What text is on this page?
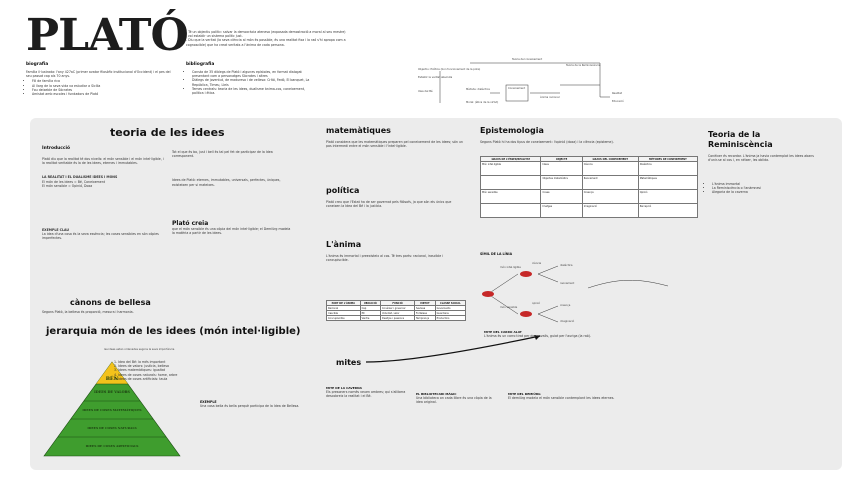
PLATÓ
- Té un objectiu polític: salvar la democràcia atenesa (exposada demostració a moral al seu mestre) i vol establir un sistema polític just.
- Diu que la veritat (la seva ciència al món és possible, és una realitat fixa i la raó s'hi apropa com a cognoscible) que ha creat veritats a l'ànima de cada persona.
biografia
Família il·lustrada: l'any 427aC (primer avatar filosòfic institucional d'Occident) i el pes del seu passat cap als 70 anys.
• Fill de família rica
• Al llarg de la seva vida va estudiar a Sicília
• Fou deixeble de Sòcrates
• Amistat amb escoles i fundadors de Plató
bibliografia
• Consta de 35 diàlegs de Plató i algunes epístoles, en format dialogat presentant com a personatges Sòcrates i altres
• Diàlegs de joventut, de maduresa i de vellesa: Crító, Fedó, El banquet, La República, Timeu, Lleis
• Temes centrals: teoria de les idees, dualisme ànima-cos, coneixement, política i ètica.
Teoria del coneixement
Teoria de la Reminiscència
Objectiu: Política (bon funcionament de la polis)
Establir la veritat absoluta
Idea del Bé
Mètode: dialèctica
Moral: (ètica de la virtut)
Coneixement
Ànima racional
Realitat
Educació
teoria de les idees
Introducció
Plató diu que la realitat té dos nivells: el món sensible i el món intel·ligible, i la realitat veritable és la de les idees, eternes i immutables.
LA REALITAT I EL DUALISME IDEES I MONS
El món de les idees = Bé, Coneixement
El món sensible = Opinió, Doxa
EXEMPLE CLAU
La idea d'una cosa és la seva essència; les coses sensibles en són còpies imperfectes.
Tot el que és bo, just i bell és tal pel fet de participar de la Idea corresponent.
Idees de Plató: eternes, immutables, universals, perfectes, úniques, existeixen per si mateixes.
Plató creia
que el món sensible és una còpia del món intel·ligible; el Demiürg modela la matèria a partir de les idees.
cànons de bellesa
Segons Plató, la bellesa és proporció, mesura i harmonia.
jerarquia món de les idees (món intel·ligible)
les idees estan ordenades segons la seva importància
BÉN
IDEES DE VALORS
IDEES DE COSES MATEMÀTIQUES
IDEES DE COSES NATURALS
IDEES DE COSES ARTIFICIALS
1. Idea del Bé: la més important
2. Idees de valors: justícia, bellesa
3. Idees matemàtiques: igualtat
4. Idees de coses naturals: home, arbre
5. Idees de coses artificials: taula
EXEMPLE
Una cosa bella és bella perquè participa de la Idea de Bellesa.
matemàtiques
Plató considera que les matemàtiques preparen pel coneixement de les idees; són un pas intermedi entre el món sensible i l'intel·ligible.
política
Plató creu que l'Estat ha de ser governat pels filòsofs, ja que són els únics que coneixen la Idea del Bé i la justícia.
L'ànima
L'ànima és immortal i preexisteix al cos. Té tres parts: racional, irascible i concupiscible.
PART DE L'ÀNIMA	UBICACIÓ	FUNCIÓ	VIRTUT	CLASSE SOCIAL
Racional	Cap	Conèixer i governar	Saviesa	Governants
Irascible	Pit	Voluntat, valor	Fortalesa	Guardians
Concupiscible	Ventre	Desitjos i passions	Temprança	Productors
mites
MITE DE LA CAVERNA
Els presoners només veuen ombres; qui s'allibera descobreix la realitat i el Bé.
EL BIBLIOTECARI MÀGIC
Una biblioteca on cada llibre és una còpia de la idea original.
MITE DEL DEMIÜRG
El demiürg modela el món sensible contemplant les idees eternes.
MITE DEL CARRO ALAT
L'ànima és un carro tirat per dos cavalls, guiat per l'auriga (la raó).
Epistemologia
Segons Plató hi ha dos tipus de coneixement: l'opinió (doxa) i la ciència (episteme).
GRAUS DE L'ÉSSER/REALITAT	OBJECTE	GRAUS DEL CONEIXEMENT	MÈTODES DE CONEIXEMENT
Món intel·ligible	Idees	Ciència	Dialèctica
	Objectes matemàtics	Raonament	Matemàtiques
Món sensible	Coses	Creença	Opinió
	Imatges	Imaginació	Percepció
SÍMIL DE LA LÍNIA
món intel·ligible
món sensible
ciència
opinió
dialèctica
raonament
creença
imaginació
Teoria de la Reminiscència
Conèixer és recordar. L'ànima ja havia contemplat les idees abans d'unir-se al cos i, en néixer, les oblida.
• L'ànima immortal
• La Reminiscència o l'anàmnesi
• Alegoria de la caverna
